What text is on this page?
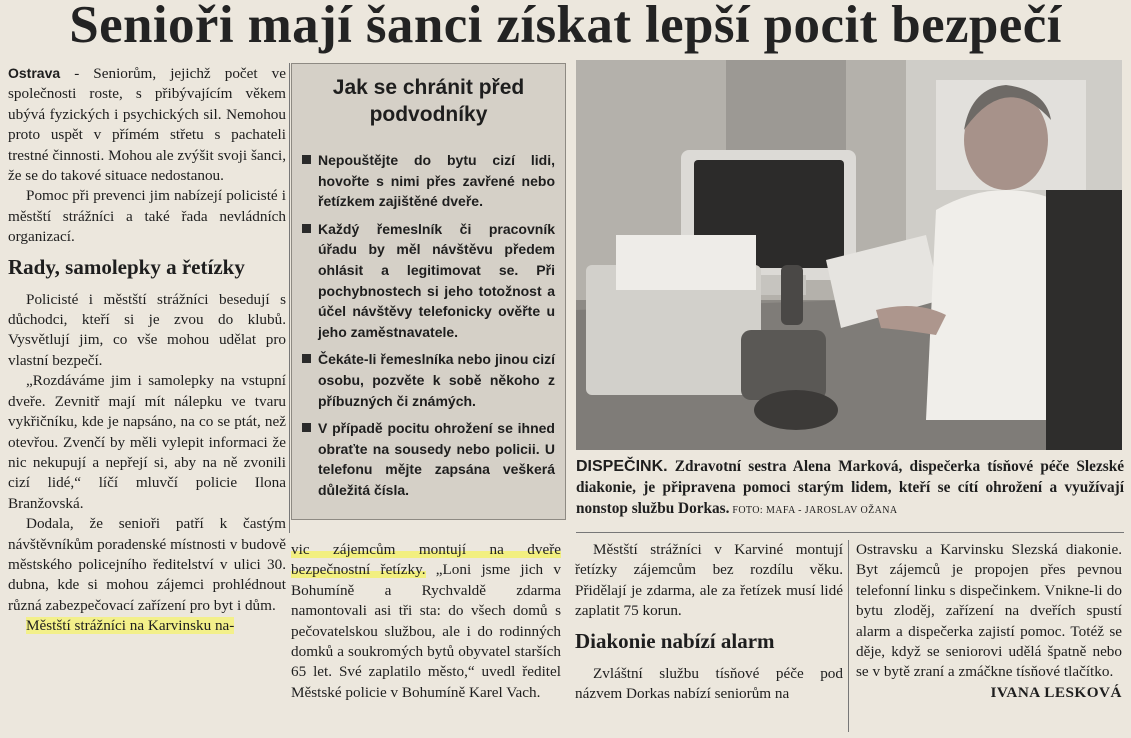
Senioři mají šanci získat lepší pocit bezpečí

Ostrava - Seniorům, jejichž počet ve společnosti roste, s přibývajícím věkem ubývá fyzických i psychických sil. Nemohou proto uspět v přímém střetu s pachateli trestné činnosti. Mohou ale zvýšit svoji šanci, že se do takové situace nedostanou.

Pomoc při prevenci jim nabízejí policisté i městští strážníci a také řada nevládních organizací.

Rady, samolepky a řetízky

Policisté i městští strážníci besedují s důchodci, kteří si je zvou do klubů. Vysvětlují jim, co vše mohou udělat pro vlastní bezpečí.

„Rozdáváme jim i samolepky na vstupní dveře. Zevnitř mají mít nálepku ve tvaru vykřičníku, kde je napsáno, na co se ptát, než otevřou. Zvenčí by měli vylepit informaci že nic nekupují a nepřejí si, aby na ně zvonili cizí lidé,“ líčí mluvčí policie Ilona Branžovská.

Dodala, že senioři patří k častým návštěvníkům poradenské místnosti v budově městského policejního ředitelství v ulici 30. dubna, kde si mohou zájemci prohlédnout různá zabezpečovací zařízení pro byt i dům.

Městští strážníci na Karvinsku na-

Jak se chránit před podvodníky
Nepouštějte do bytu cizí lidi, hovořte s nimi přes zavřené nebo řetízkem zajištěné dveře.
Každý řemeslník či pracovník úřadu by měl návštěvu předem ohlásit a legitimovat se. Při pochybnostech si jeho totožnost a účel návštěvy telefonicky ověřte u jeho zaměstnavatele.
Čekáte-li řemeslníka nebo jinou cizí osobu, pozvěte k sobě někoho z příbuzných či známých.
V případě pocitu ohrožení se ihned obraťte na sousedy nebo policii. U telefonu mějte zapsána veškerá důležitá čísla.
DISPEČINK. Zdravotní sestra Alena Marková, dispečerka tísňové péče Slezské diakonie, je připravena pomoci starým lidem, kteří se cítí ohrožení a využívají nonstop službu Dorkas. FOTO: MAFA - JAROSLAV OŽANA

vic zájemcům montují na dveře bezpečnostní řetízky. „Loni jsme jich v Bohumíně a Rychvaldě zdarma namontovali asi tři sta: do všech domů s pečovatelskou službou, ale i do rodinných domků a soukromých bytů obyvatel starších 65 let. Své zaplatilo město,“ uvedl ředitel Městské policie v Bohumíně Karel Vach.

Městští strážníci v Karviné montují řetízky zájemcům bez rozdílu věku. Přidělají je zdarma, ale za řetízek musí lidé zaplatit 75 korun.

Diakonie nabízí alarm

Zvláštní službu tísňové péče pod názvem Dorkas nabízí seniorům na

Ostravsku a Karvinsku Slezská diakonie. Byt zájemců je propojen přes pevnou telefonní linku s dispečinkem. Vnikne-li do bytu zloděj, zařízení na dveřích spustí alarm a dispečerka zajistí pomoc. Totéž se děje, když se seniorovi udělá špatně nebo se v bytě zraní a zmáčkne tísňové tlačítko.
IVANA LESKOVÁ
